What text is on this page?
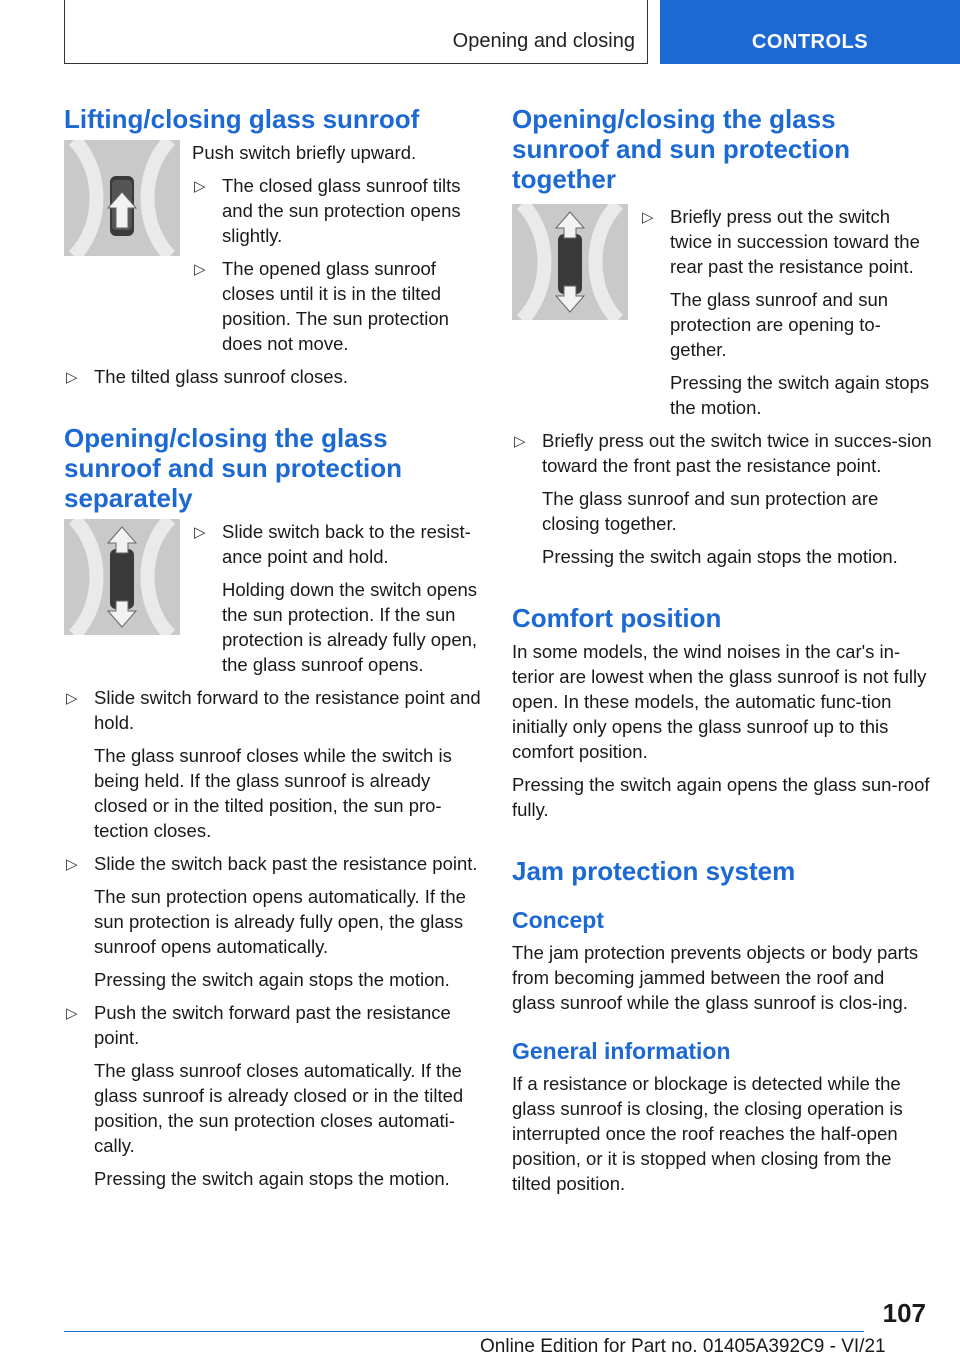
Opening and closing	CONTROLS
Lifting/closing glass sunroof

Push switch briefly upward.

▷ The closed glass sunroof tilts and the sun protection opens slightly.

▷ The opened glass sunroof closes until it is in the tilted position. The sun protection does not move.

▷ The tilted glass sunroof closes.

Opening/closing the glass sunroof and sun protection separately
▷ Slide switch back to the resist-ance point and hold.

Holding down the switch opens the sun protection. If the sun protection is already fully open, the glass sunroof opens.

▷ Slide switch forward to the resistance point and hold.

The glass sunroof closes while the switch is being held. If the glass sunroof is already closed or in the tilted position, the sun pro-tection closes.

▷ Slide the switch back past the resistance point.

The sun protection opens automatically. If the sun protection is already fully open, the glass sunroof opens automatically.

Pressing the switch again stops the motion.

▷ Push the switch forward past the resistance point.

The glass sunroof closes automatically. If the glass sunroof is already closed or in the tilted position, the sun protection closes automati-cally.

Pressing the switch again stops the motion.

Opening/closing the glass sunroof and sun protection together
▷ Briefly press out the switch twice in succession toward the rear past the resistance point.

The glass sunroof and sun protection are opening to-gether.

Pressing the switch again stops the motion.

▷ Briefly press out the switch twice in succes-sion toward the front past the resistance point.

The glass sunroof and sun protection are closing together.

Pressing the switch again stops the motion.

Comfort position

In some models, the wind noises in the car's in-terior are lowest when the glass sunroof is not fully open. In these models, the automatic func-tion initially only opens the glass sunroof up to this comfort position.

Pressing the switch again opens the glass sun-roof fully.

Jam protection system
Concept

The jam protection prevents objects or body parts from becoming jammed between the roof and glass sunroof while the glass sunroof is clos-ing.

General information

If a resistance or blockage is detected while the glass sunroof is closing, the closing operation is interrupted once the roof reaches the half-open position, or it is stopped when closing from the tilted position.

107
Online Edition for Part no. 01405A392C9 - VI/21
